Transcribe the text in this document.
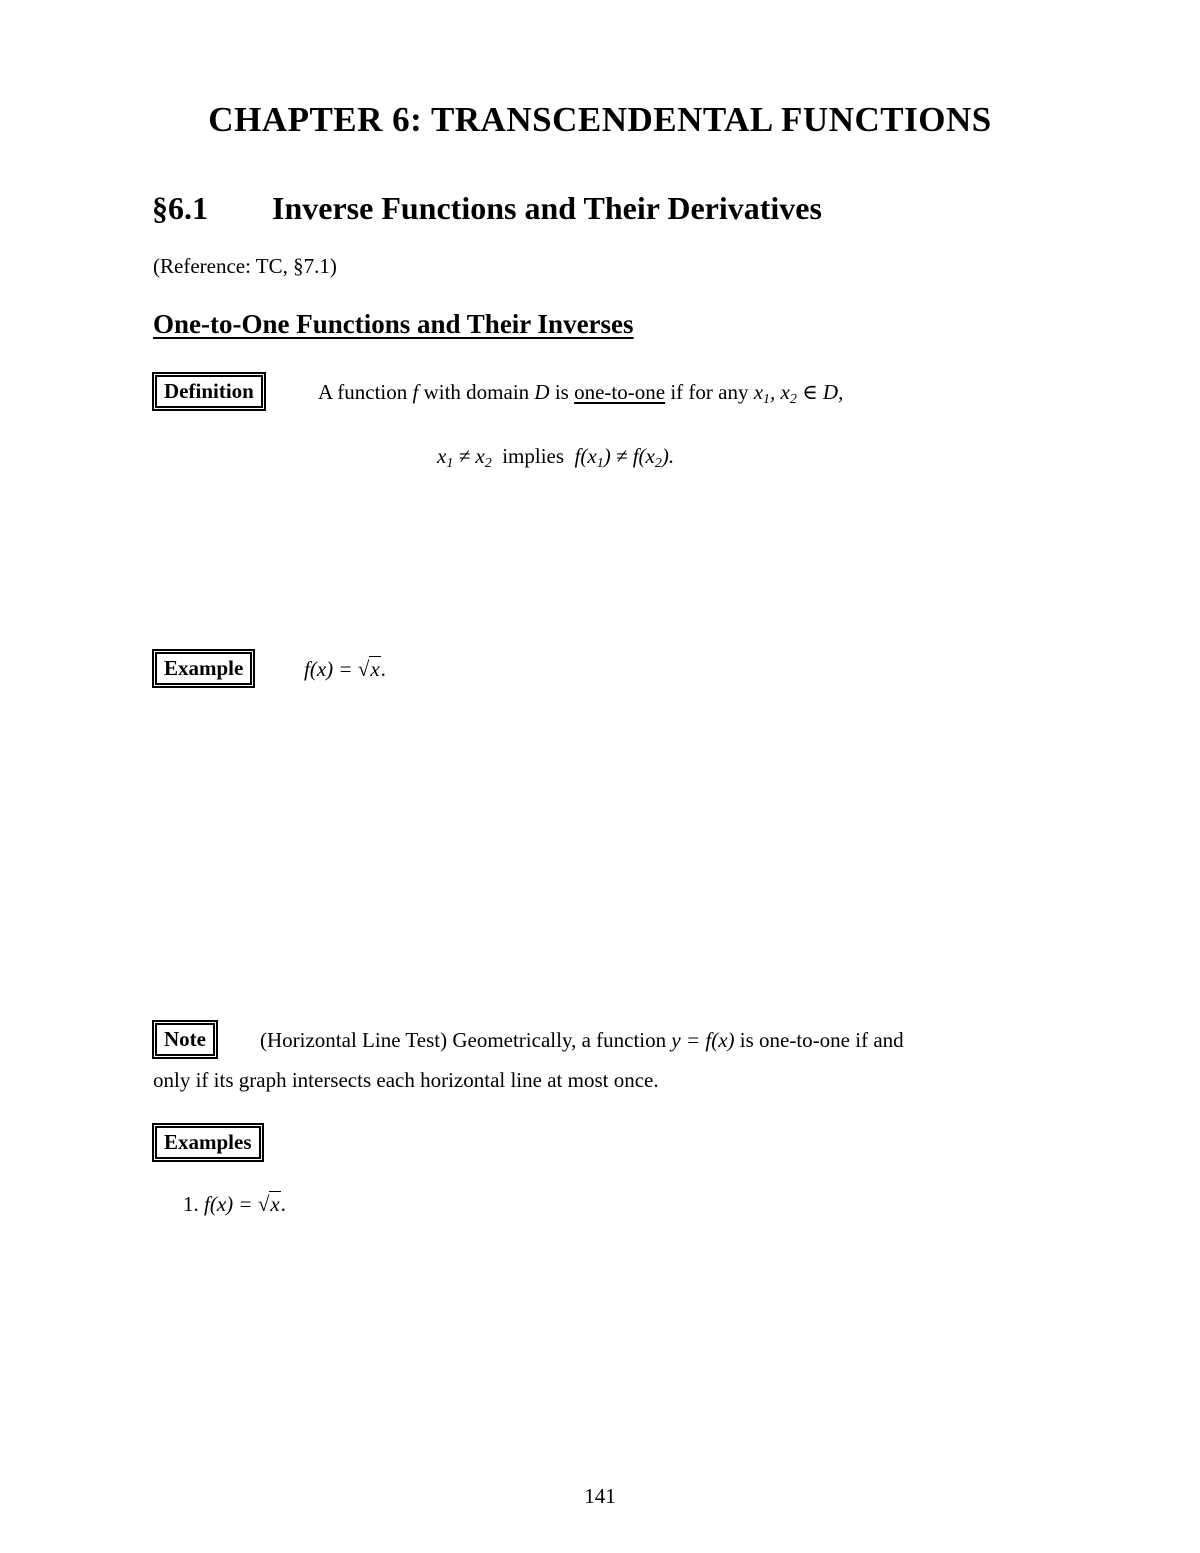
CHAPTER 6: TRANSCENDENTAL FUNCTIONS
§6.1 Inverse Functions and Their Derivatives
(Reference: TC, §7.1)
One-to-One Functions and Their Inverses
Definition	A function f with domain D is one-to-one if for any $x_1$, $x_2$ ∈ D,
$x_1 \ne x_2$ implies $f(x_1) \ne f(x_2)$.
Example	f(x) = √x.
Note	(Horizontal Line Test) Geometrically, a function y = f(x) is one-to-one if and
only if its graph intersects each horizontal line at most once.
Examples
1. f(x) = √x.
141
